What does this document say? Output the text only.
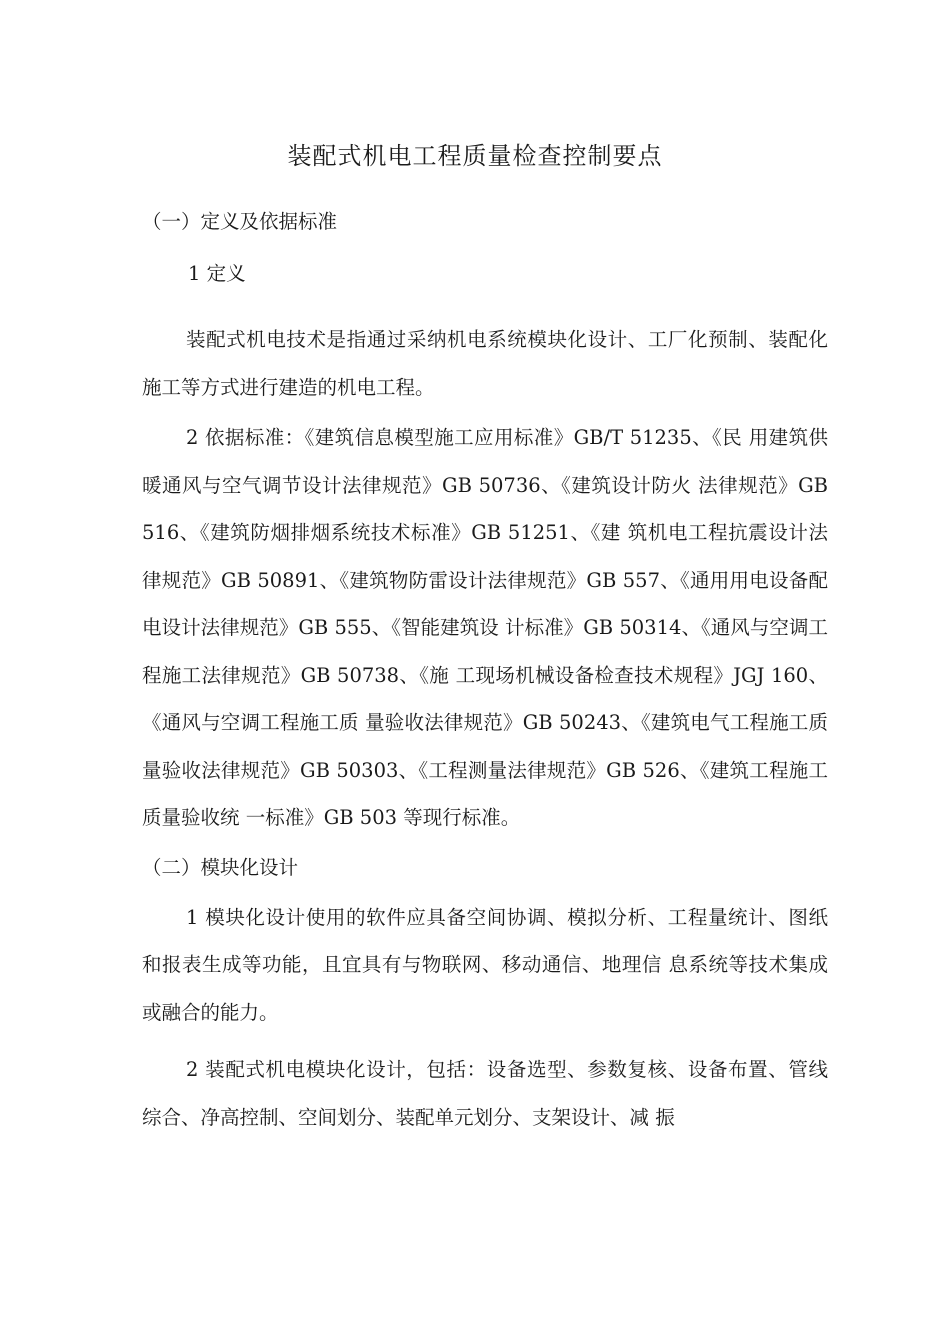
装配式机电工程质量检查控制要点

（一）定义及依据标准

1 定义

装配式机电技术是指通过采纳机电系统模块化设计、工厂化预制、装配化施工等方式进行建造的机电工程。

2 依据标准：《建筑信息模型施工应用标准》GB/T 51235、《民 用建筑供暖通风与空气调节设计法律规范》GB 50736、《建筑设计防火 法律规范》GB 516、《建筑防烟排烟系统技术标准》GB 51251、《建 筑机电工程抗震设计法律规范》GB 50891、《建筑物防雷设计法律规范》GB 557、《通用用电设备配电设计法律规范》GB 555、《智能建筑设 计标准》GB 50314、《通风与空调工程施工法律规范》GB 50738、《施 工现场机械设备检查技术规程》JGJ 160、《通风与空调工程施工质 量验收法律规范》GB 50243、《建筑电气工程施工质量验收法律规范》GB 50303、《工程测量法律规范》GB 526、《建筑工程施工质量验收统 一标准》GB 503 等现行标准。

（二）模块化设计

1 模块化设计使用的软件应具备空间协调、模拟分析、工程量统计、图纸和报表生成等功能，且宜具有与物联网、移动通信、地理信 息系统等技术集成或融合的能力。

2 装配式机电模块化设计，包括：设备选型、参数复核、设备布置、管线综合、净高控制、空间划分、装配单元划分、支架设计、减 振
